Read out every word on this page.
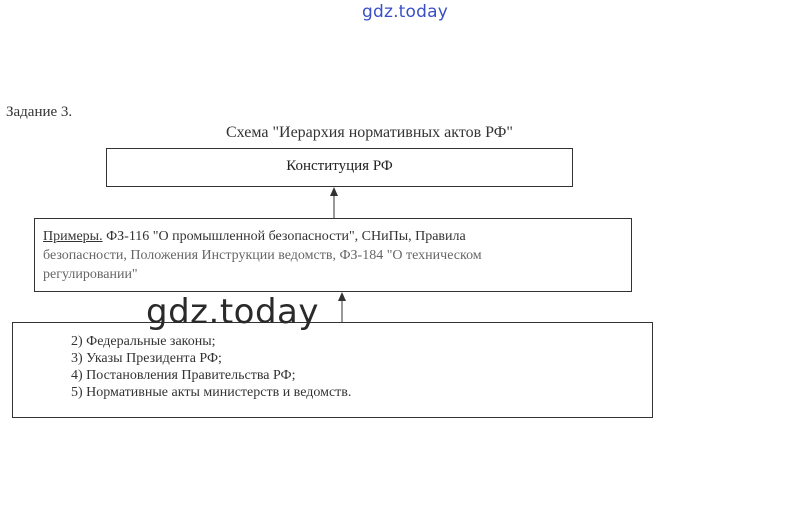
gdz.today
Задание 3.
Схема "Иерархия нормативных актов РФ"
Конституция РФ
Примеры. ФЗ-116 "О промышленной безопасности", СНиПы, Правила
безопасности, Положения Инструкции ведомств, ФЗ-184 "О техническом
регулировании"
2) Федеральные законы;
3) Указы Президента РФ;
4) Постановления Правительства РФ;
5) Нормативные акты министерств и ведомств.
gdz.today
